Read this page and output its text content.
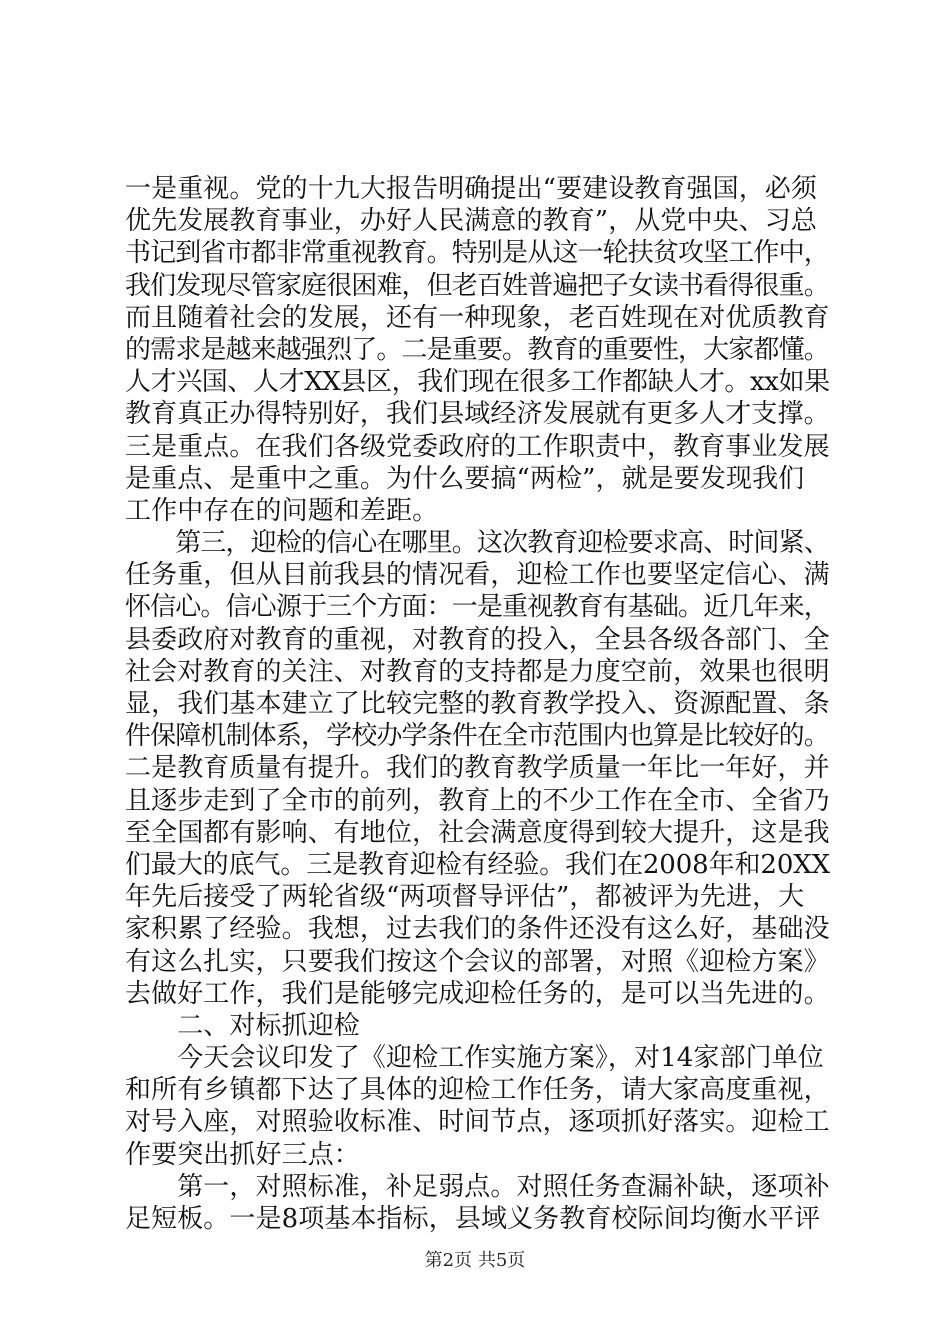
一是重视。党的十九大报告明确提出“要建设教育强国，必须
优先发展教育事业，办好人民满意的教育”，从党中央、习总
书记到省市都非常重视教育。特别是从这一轮扶贫攻坚工作中，
我们发现尽管家庭很困难，但老百姓普遍把子女读书看得很重。
而且随着社会的发展，还有一种现象，老百姓现在对优质教育
的需求是越来越强烈了。二是重要。教育的重要性，大家都懂。
人才兴国、人才XX县区，我们现在很多工作都缺人才。xx如果
教育真正办得特别好，我们县域经济发展就有更多人才支撑。
三是重点。在我们各级党委政府的工作职责中，教育事业发展
是重点、是重中之重。为什么要搞“两检”，就是要发现我们
工作中存在的问题和差距。
　　第三，迎检的信心在哪里。这次教育迎检要求高、时间紧、
任务重，但从目前我县的情况看，迎检工作也要坚定信心、满
怀信心。信心源于三个方面：一是重视教育有基础。近几年来，
县委政府对教育的重视，对教育的投入，全县各级各部门、全
社会对教育的关注、对教育的支持都是力度空前，效果也很明
显，我们基本建立了比较完整的教育教学投入、资源配置、条
件保障机制体系，学校办学条件在全市范围内也算是比较好的。
二是教育质量有提升。我们的教育教学质量一年比一年好，并
且逐步走到了全市的前列，教育上的不少工作在全市、全省乃
至全国都有影响、有地位，社会满意度得到较大提升，这是我
们最大的底气。三是教育迎检有经验。我们在2008年和20XX
年先后接受了两轮省级“两项督导评估”，都被评为先进，大
家积累了经验。我想，过去我们的条件还没有这么好，基础没
有这么扎实，只要我们按这个会议的部署，对照《迎检方案》
去做好工作，我们是能够完成迎检任务的，是可以当先进的。
　　二、对标抓迎检
　　今天会议印发了《迎检工作实施方案》，对14家部门单位
和所有乡镇都下达了具体的迎检工作任务，请大家高度重视，
对号入座，对照验收标准、时间节点，逐项抓好落实。迎检工
作要突出抓好三点：
　　第一，对照标准，补足弱点。对照任务查漏补缺，逐项补
足短板。一是8项基本指标，县域义务教育校际间均衡水平评
第2页 共5页
